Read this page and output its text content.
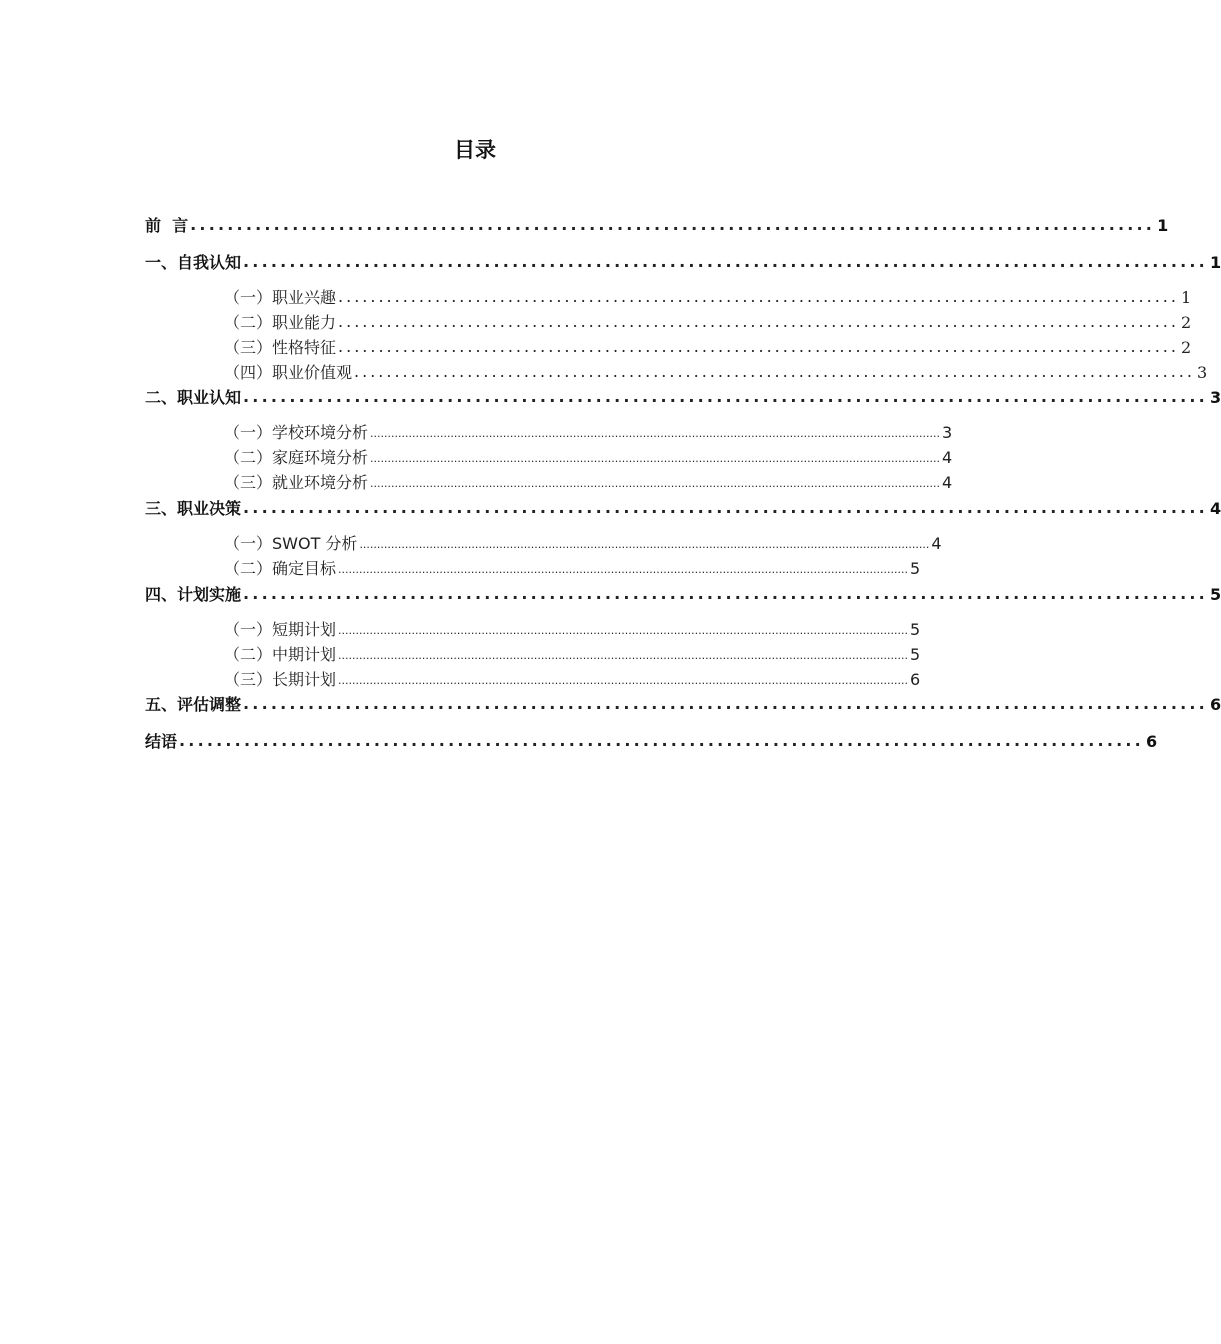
目录
前  言 ........................................................................................................ 1
一、自我认知 ........................................................................................................ 1
（一）职业兴趣 ........................................................................................................ 1
（二）职业能力 ........................................................................................................ 2
（三）性格特征 ........................................................................................................ 2
（四）职业价值观 ........................................................................................................ 3
二、职业认知 ........................................................................................................ 3
（一）学校环境分析 ................................................................................................................................................................... 3
（二）家庭环境分析 ................................................................................................................................................................... 4
（三）就业环境分析 ................................................................................................................................................................... 4
三、职业决策 ........................................................................................................ 4
（一）SWOT 分析 ................................................................................................................................................................... 4
（二）确定目标 ................................................................................................................................................................... 5
四、计划实施 ........................................................................................................ 5
（一）短期计划 ................................................................................................................................................................... 5
（二）中期计划 ................................................................................................................................................................... 5
（三）长期计划 ................................................................................................................................................................... 6
五、评估调整 ........................................................................................................ 6
结语 ........................................................................................................ 6
